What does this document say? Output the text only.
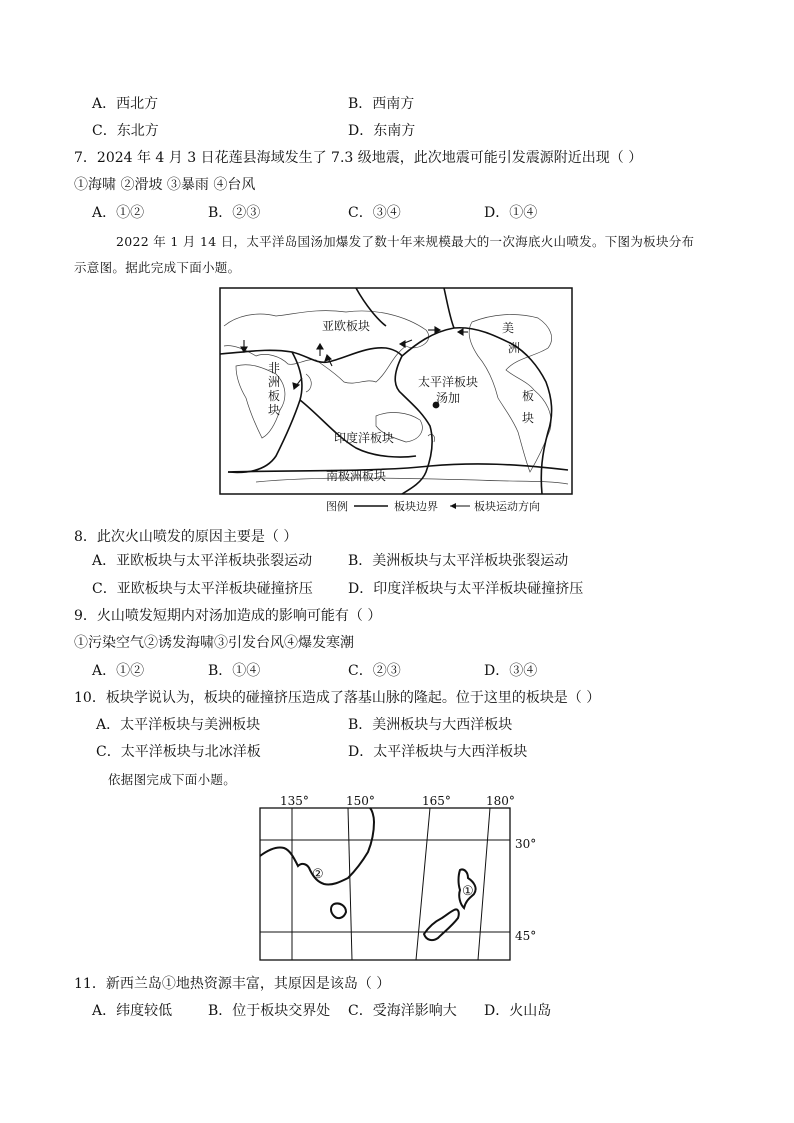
A．西北方	B．西南方
C．东北方	D．东南方
7．2024 年 4 月 3 日花莲县海域发生了 7.3 级地震，此次地震可能引发震源附近出现（ ）
①海啸 ②滑坡 ③暴雨 ④台风
A．①②	B．②③	C．③④	D．①④
2022 年 1 月 14 日，太平洋岛国汤加爆发了数十年来规模最大的一次海底火山喷发。下图为板块分布
示意图。据此完成下面小题。
亚欧板块
非
洲
板
块
太平洋板块
汤加
美
洲
板
块
印度洋板块
南极洲板块
图例	板块边界	板块运动方向
8．此次火山喷发的原因主要是（ ）
A．亚欧板块与太平洋板块张裂运动	B．美洲板块与太平洋板块张裂运动
C．亚欧板块与太平洋板块碰撞挤压	D．印度洋板块与太平洋板块碰撞挤压
9．火山喷发短期内对汤加造成的影响可能有（ ）
①污染空气②诱发海啸③引发台风④爆发寒潮
A．①②	B．①④	C．②③	D．③④
10．板块学说认为，板块的碰撞挤压造成了落基山脉的隆起。位于这里的板块是（ ）
A．太平洋板块与美洲板块	B．美洲板块与大西洋板块
C．太平洋板块与北冰洋板	D．太平洋板块与大西洋板块
依据图完成下面小题。
135°	150°	165°	180°
30°
45°
①
②
11．新西兰岛①地热资源丰富，其原因是该岛（ ）
A．纬度较低	B．位于板块交界处 C．受海洋影响大 D．火山岛
